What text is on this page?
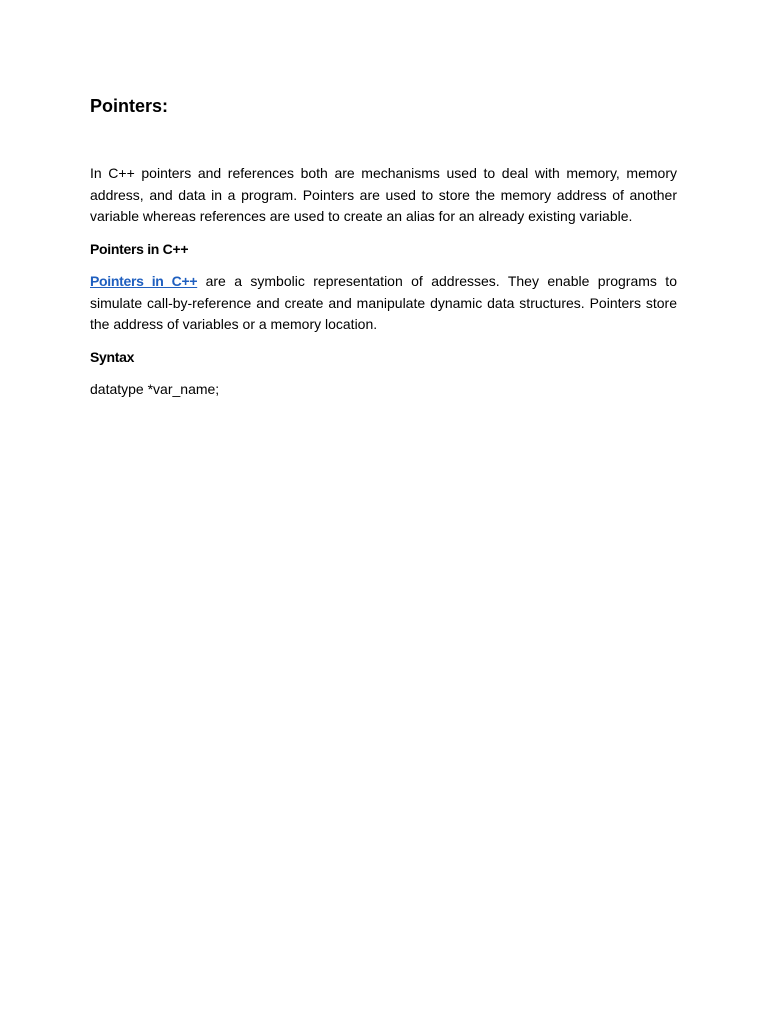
Pointers:

In C++ pointers and references both are mechanisms used to deal with memory, memory address, and data in a program. Pointers are used to store the memory address of another variable whereas references are used to create an alias for an already existing variable.

Pointers in C++

Pointers in C++ are a symbolic representation of addresses. They enable programs to simulate call-by-reference and create and manipulate dynamic data structures. Pointers store the address of variables or a memory location.

Syntax

datatype *var_name;
